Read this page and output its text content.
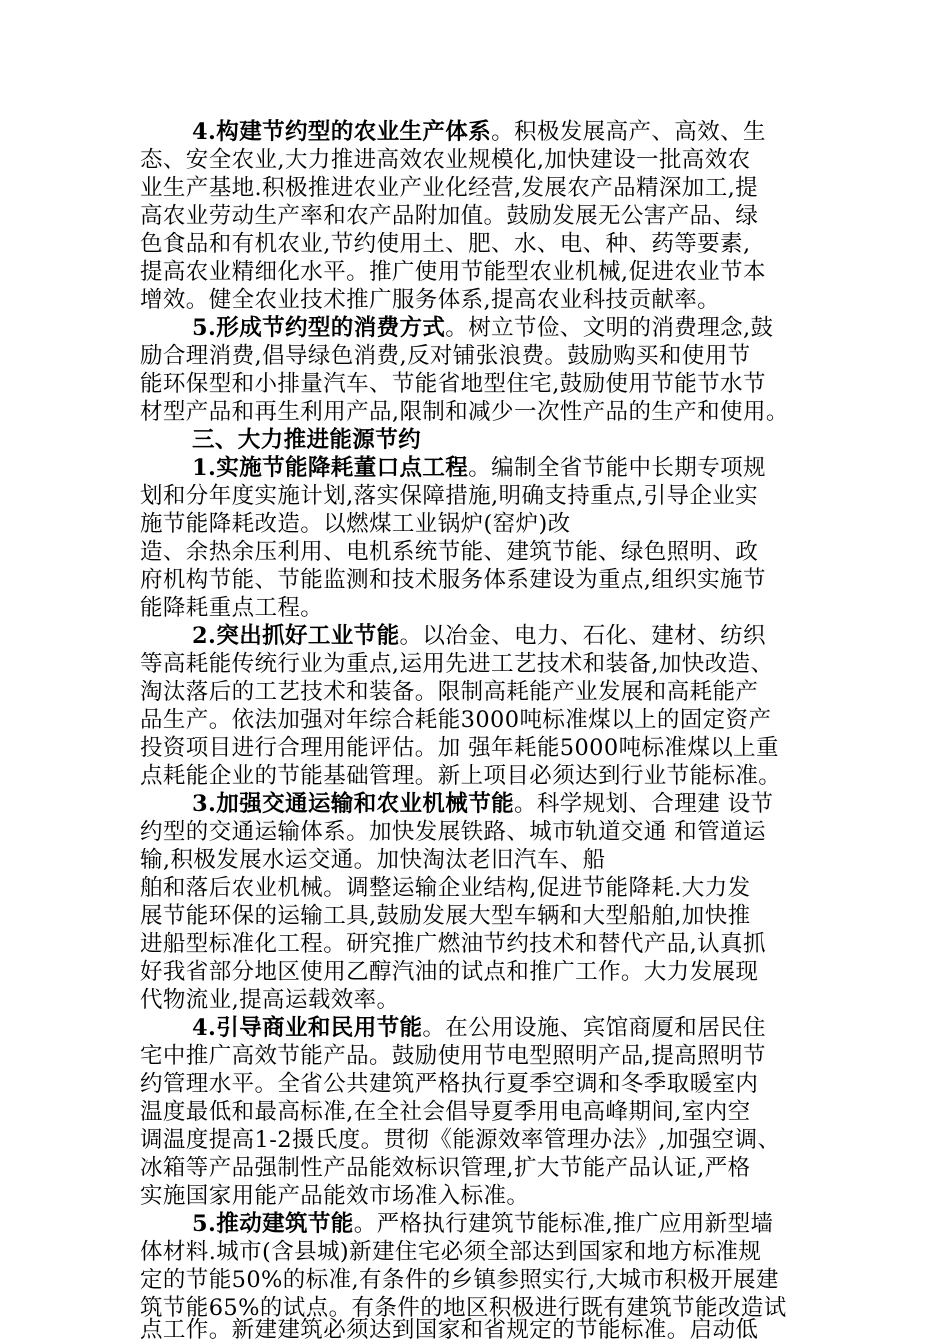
4.构建节约型的农业生产体系。积极发展高产、高效、生
态、安全农业,大力推进高效农业规模化,加快建设一批高效农
业生产基地.积极推进农业产业化经营,发展农产品精深加工,提
高农业劳动生产率和农产品附加值。鼓励发展无公害产品、绿
色食品和有机农业,节约使用土、肥、水、电、种、药等要素,
提高农业精细化水平。推广使用节能型农业机械,促进农业节本
增效。健全农业技术推广服务体系,提高农业科技贡献率。
5.形成节约型的消费方式。树立节俭、文明的消费理念,鼓
励合理消费,倡导绿色消费,反对铺张浪费。鼓励购买和使用节
能环保型和小排量汽车、节能省地型住宅,鼓励使用节能节水节
材型产品和再生利用产品,限制和减少一次性产品的生产和使用。
三、大力推进能源节约
1.实施节能降耗董口点工程。编制全省节能中长期专项规
划和分年度实施计划,落实保障措施,明确支持重点,引导企业实
施节能降耗改造。以燃煤工业锅炉(窑炉)改
造、余热余压利用、电机系统节能、建筑节能、绿色照明、政
府机构节能、节能监测和技术服务体系建设为重点,组织实施节
能降耗重点工程。
2.突出抓好工业节能。以冶金、电力、石化、建材、纺织
等高耗能传统行业为重点,运用先进工艺技术和装备,加快改造、
淘汰落后的工艺技术和装备。限制高耗能产业发展和高耗能产
品生产。依法加强对年综合耗能3000吨标准煤以上的固定资产
投资项目进行合理用能评估。加 强年耗能5000吨标准煤以上重
点耗能企业的节能基础管理。新上项目必须达到行业节能标准。
3.加强交通运输和农业机械节能。科学规划、合理建 设节
约型的交通运输体系。加快发展铁路、城市轨道交通 和管道运
输,积极发展水运交通。加快淘汰老旧汽车、船
舶和落后农业机械。调整运输企业结构,促进节能降耗.大力发
展节能环保的运输工具,鼓励发展大型车辆和大型船舶,加快推
进船型标准化工程。研究推广燃油节约技术和替代产品,认真抓
好我省部分地区使用乙醇汽油的试点和推广工作。大力发展现
代物流业,提高运载效率。
4.引导商业和民用节能。在公用设施、宾馆商厦和居民住
宅中推广高效节能产品。鼓励使用节电型照明产品,提高照明节
约管理水平。全省公共建筑严格执行夏季空调和冬季取暖室内
温度最低和最高标准,在全社会倡导夏季用电高峰期间,室内空
调温度提高1-2摄氏度。贯彻《能源效率管理办法》,加强空调、
冰箱等产品强制性产品能效标识管理,扩大节能产品认证,严格
实施国家用能产品能效市场准入标准。
5.推动建筑节能。严格执行建筑节能标准,推广应用新型墙
体材料.城市(含县城)新建住宅必须全部达到国家和地方标准规
定的节能50%的标准,有条件的乡镇参照实行,大城市积极开展建
筑节能65%的试点。有条件的地区积极进行既有建筑节能改造试
点工作。新建建筑必须达到国家和省规定的节能标准。启动低
